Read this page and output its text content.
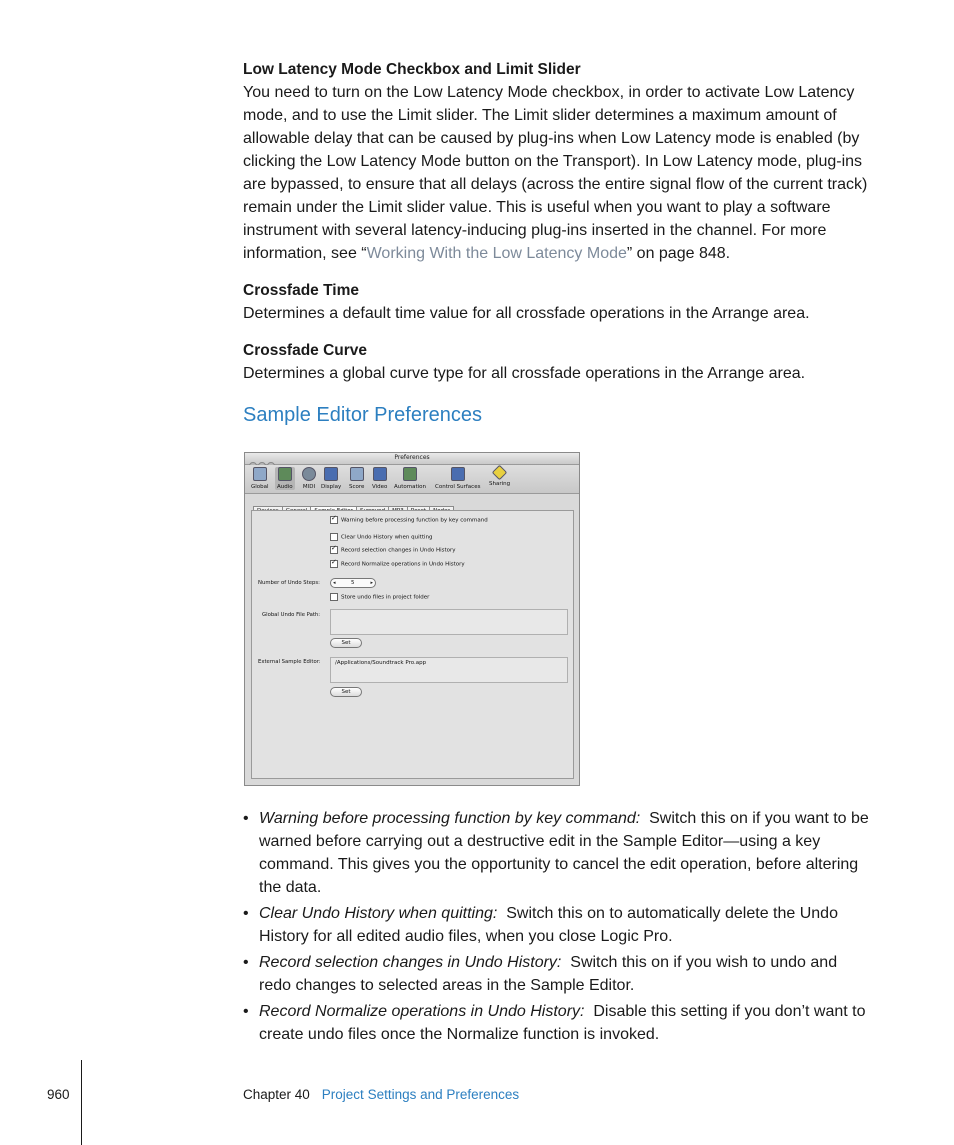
Low Latency Mode Checkbox and Limit Slider

You need to turn on the Low Latency Mode checkbox, in order to activate Low Latency mode, and to use the Limit slider. The Limit slider determines a maximum amount of allowable delay that can be caused by plug-ins when Low Latency mode is enabled (by clicking the Low Latency Mode button on the Transport). In Low Latency mode, plug-ins are bypassed, to ensure that all delays (across the entire signal flow of the current track) remain under the Limit slider value. This is useful when you want to play a software instrument with several latency-inducing plug-ins inserted in the channel. For more information, see “Working With the Low Latency Mode” on page 848.

Crossfade Time

Determines a default time value for all crossfade operations in the Arrange area.

Crossfade Curve

Determines a global curve type for all crossfade operations in the Arrange area.

Sample Editor Preferences
Preferences
Global Audio MIDI Display Score Video Automation Control Surfaces Sharing
✓Warning before processing function by key command
Clear Undo History when quitting
✓Record selection changes in Undo History
✓Record Normalize operations in Undo History
Number of Undo Steps:	◂	5	▸
Store undo files in project folder
Global Undo File Path:
Set
External Sample Editor:	/Applications/Soundtrack Pro.app
Set
• Warning before processing function by key command: Switch this on if you want to be warned before carrying out a destructive edit in the Sample Editor—using a key command. This gives you the opportunity to cancel the edit operation, before altering the data.
• Clear Undo History when quitting: Switch this on to automatically delete the Undo History for all edited audio files, when you close Logic Pro.
• Record selection changes in Undo History: Switch this on if you wish to undo and redo changes to selected areas in the Sample Editor.
• Record Normalize operations in Undo History: Disable this setting if you don’t want to create undo files once the Normalize function is invoked.
960	Chapter 40 Project Settings and Preferences
